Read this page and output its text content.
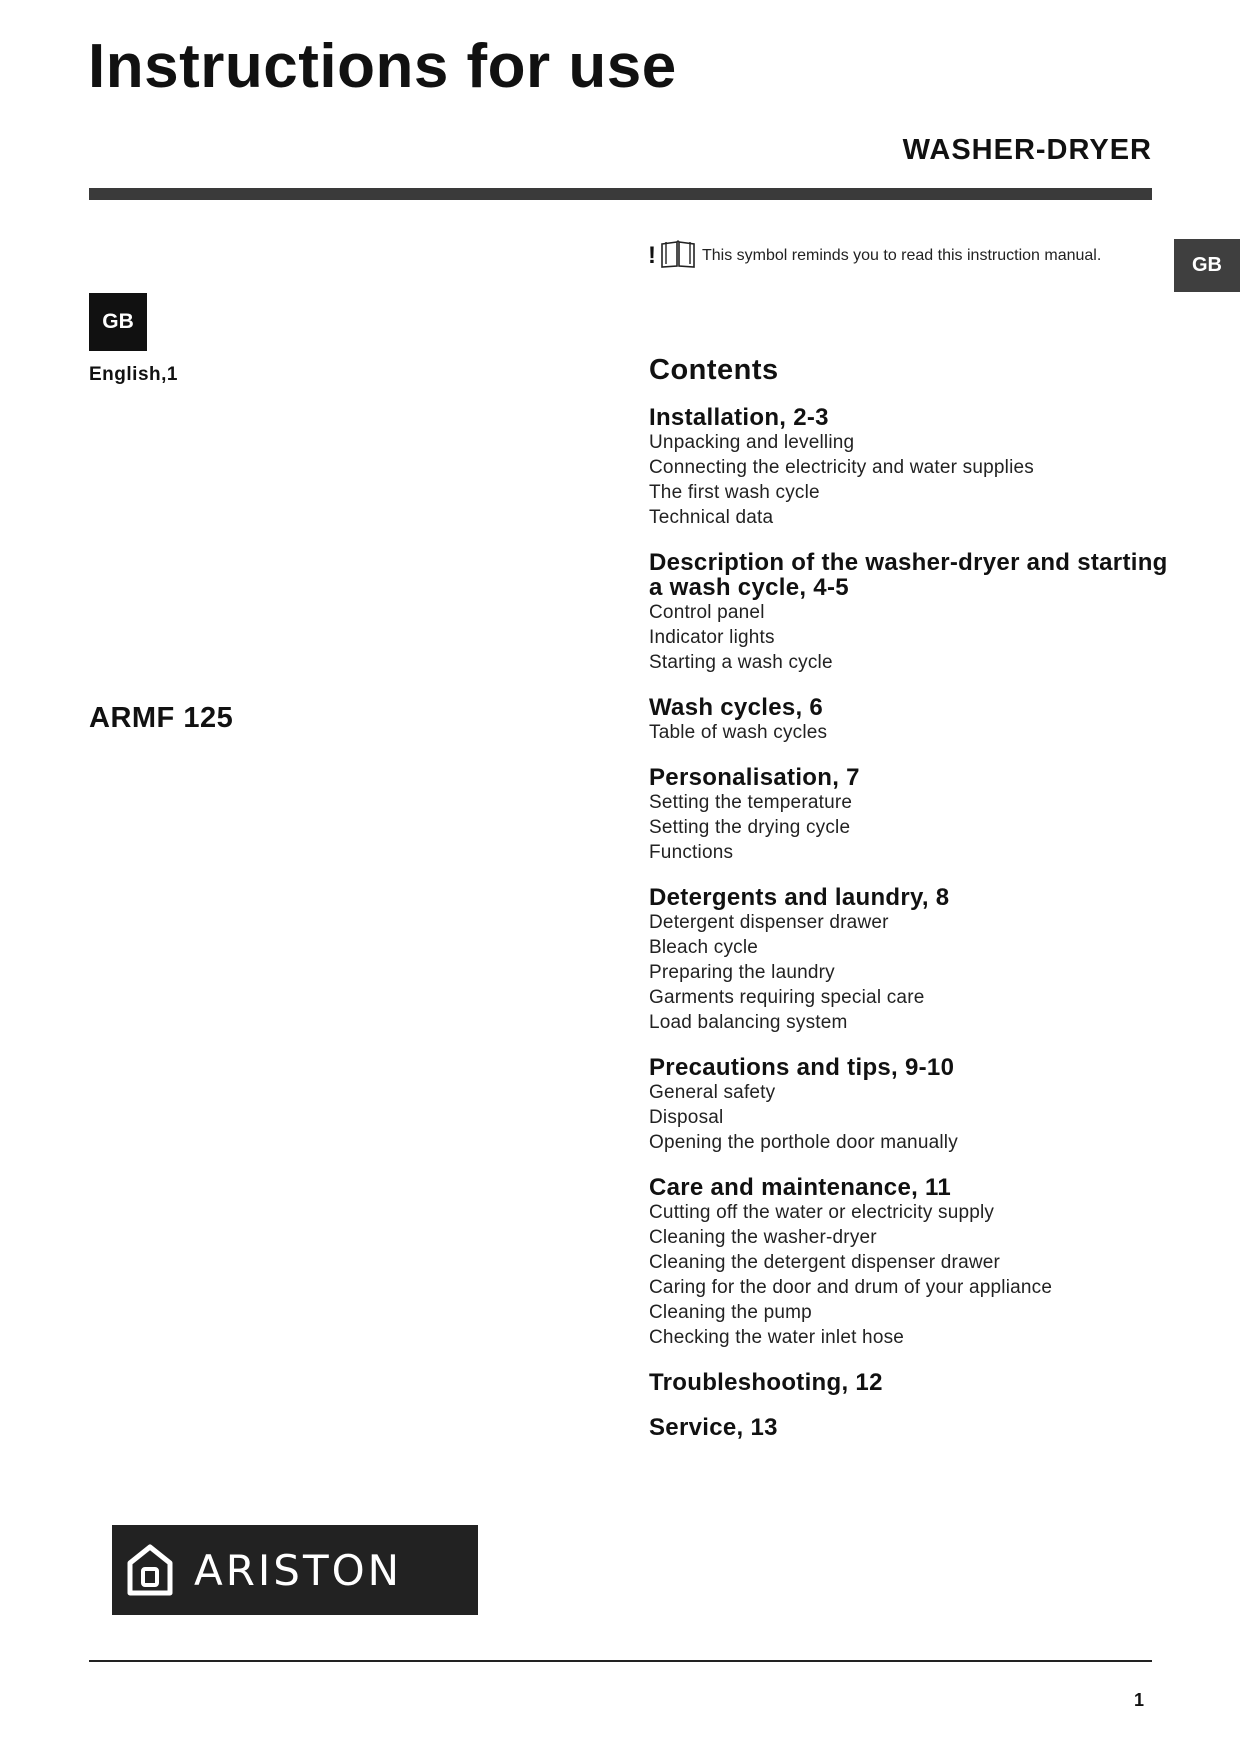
Instructions for use
WASHER-DRYER
!	This symbol reminds you to read this instruction manual.	GB
GB
English,1
ARMF 125
Contents
Installation, 2-3
Unpacking and levelling
Connecting the electricity and water supplies
The first wash cycle
Technical data
Description of the washer-dryer and starting a wash cycle, 4-5
Control panel
Indicator lights
Starting a wash cycle
Wash cycles, 6
Table of wash cycles
Personalisation, 7
Setting the temperature
Setting the drying cycle
Functions
Detergents and laundry, 8
Detergent dispenser drawer
Bleach cycle
Preparing the laundry
Garments requiring special care
Load balancing system
Precautions and tips, 9-10
General safety
Disposal
Opening the porthole door manually
Care and maintenance, 11
Cutting off the water or electricity supply
Cleaning the washer-dryer
Cleaning the detergent dispenser drawer
Caring for the door and drum of your appliance
Cleaning the pump
Checking the water inlet hose
Troubleshooting, 12
Service, 13
ARISTON
1
